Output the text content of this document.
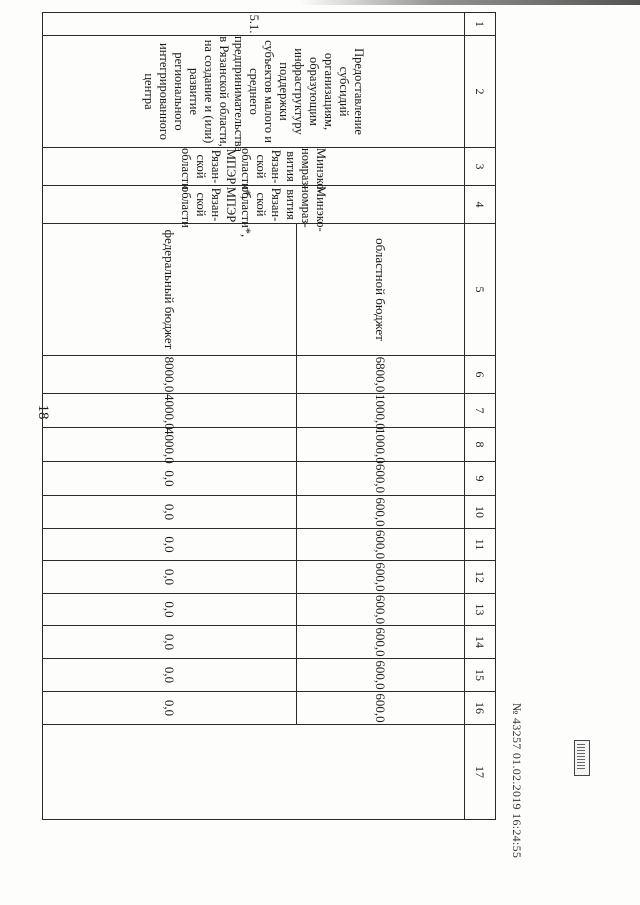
18
1	2	3	4	5	6	7	8	9	10	11	12	13	14	15	16	17
5.1.	Предоставление субсидий организациям, образующим инфраструктуру поддержки субъектов малого и среднего предпринимательства в Рязанской области, на создание и (или) развитие регионального интегрированного центра	Минэко-номраз-вития Рязан-ской области*, МПЭР Рязан-ской области	Минэко-номраз-вития Рязан-ской области*, МПЭР Рязан-ской области	областной бюджет	6800,0	1000,0	1000,0	600,0	600,0	600,0	600,0	600,0	600,0	600,0	600,0	
				федеральный бюджет	8000,0	4000,0	4000,0	0,0	0,0	0,0	0,0	0,0	0,0	0,0	0,0		№ 43257 01.02.2019 16:24:55
